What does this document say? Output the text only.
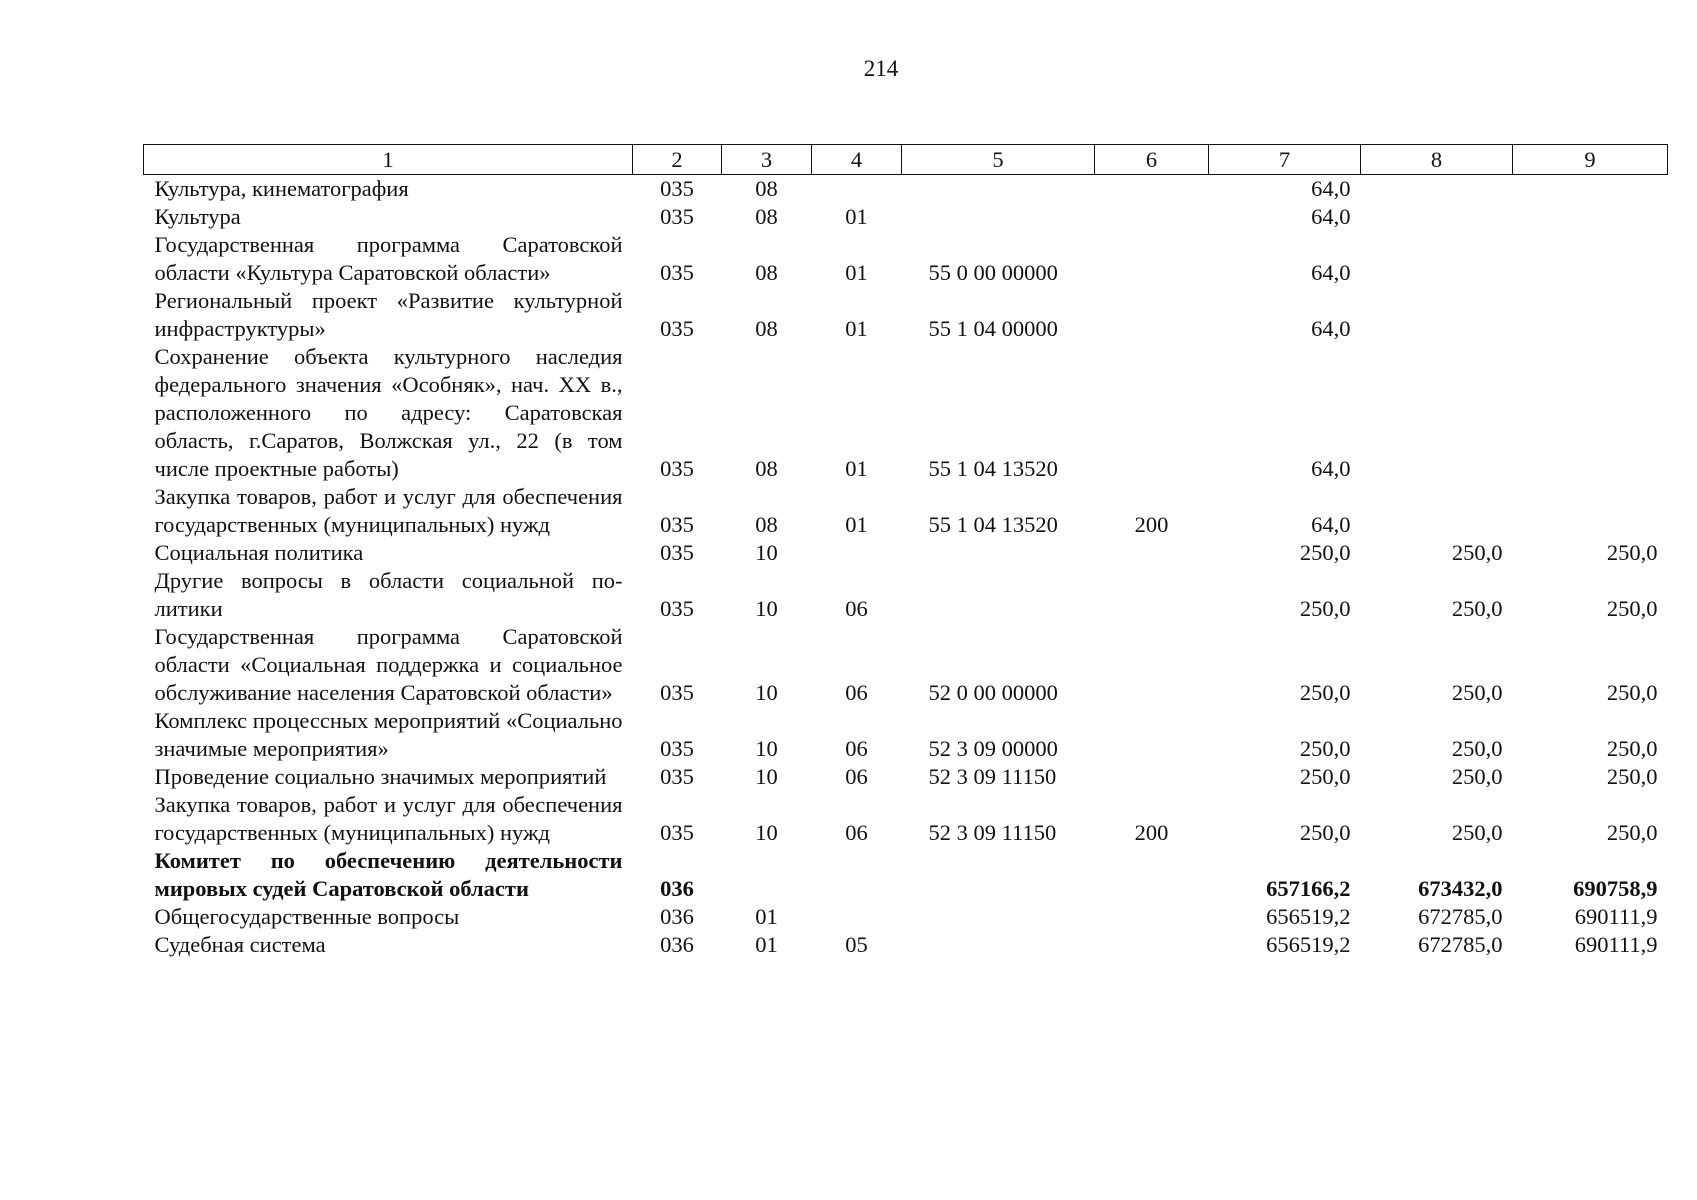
214
1	2	3	4	5	6	7	8	9
Культура, кинематография	035	08				64,0		
Культура	035	08	01			64,0		
Государственная программа Саратовской области «Культура Саратовской области»	035	08	01	55 0 00 00000		64,0		
Региональный проект «Развитие культурной инфраструктуры»	035	08	01	55 1 04 00000		64,0		
Сохранение объекта культурного наследия федерального значения «Особняк», нач. XX в., расположенного по адресу: Саратовская область, г.Саратов, Волжская ул., 22 (в том числе проектные работы)	035	08	01	55 1 04 13520		64,0		
Закупка товаров, работ и услуг для обеспечения государственных (муниципальных) нужд	035	08	01	55 1 04 13520	200	64,0		
Социальная политика	035	10				250,0	250,0	250,0
Другие вопросы в области социальной политики	035	10	06			250,0	250,0	250,0
Государственная программа Саратовской области «Социальная поддержка и социальное обслуживание населения Саратовской области»	035	10	06	52 0 00 00000		250,0	250,0	250,0
Комплекс процессных мероприятий «Социально значимые мероприятия»	035	10	06	52 3 09 00000		250,0	250,0	250,0
Проведение социально значимых мероприятий	035	10	06	52 3 09 11150		250,0	250,0	250,0
Закупка товаров, работ и услуг для обеспечения государственных (муниципальных) нужд	035	10	06	52 3 09 11150	200	250,0	250,0	250,0
Комитет по обеспечению деятельности мировых судей Саратовской области	036					657166,2	673432,0	690758,9
Общегосударственные вопросы	036	01				656519,2	672785,0	690111,9
Судебная система	036	01	05			656519,2	672785,0	690111,9
